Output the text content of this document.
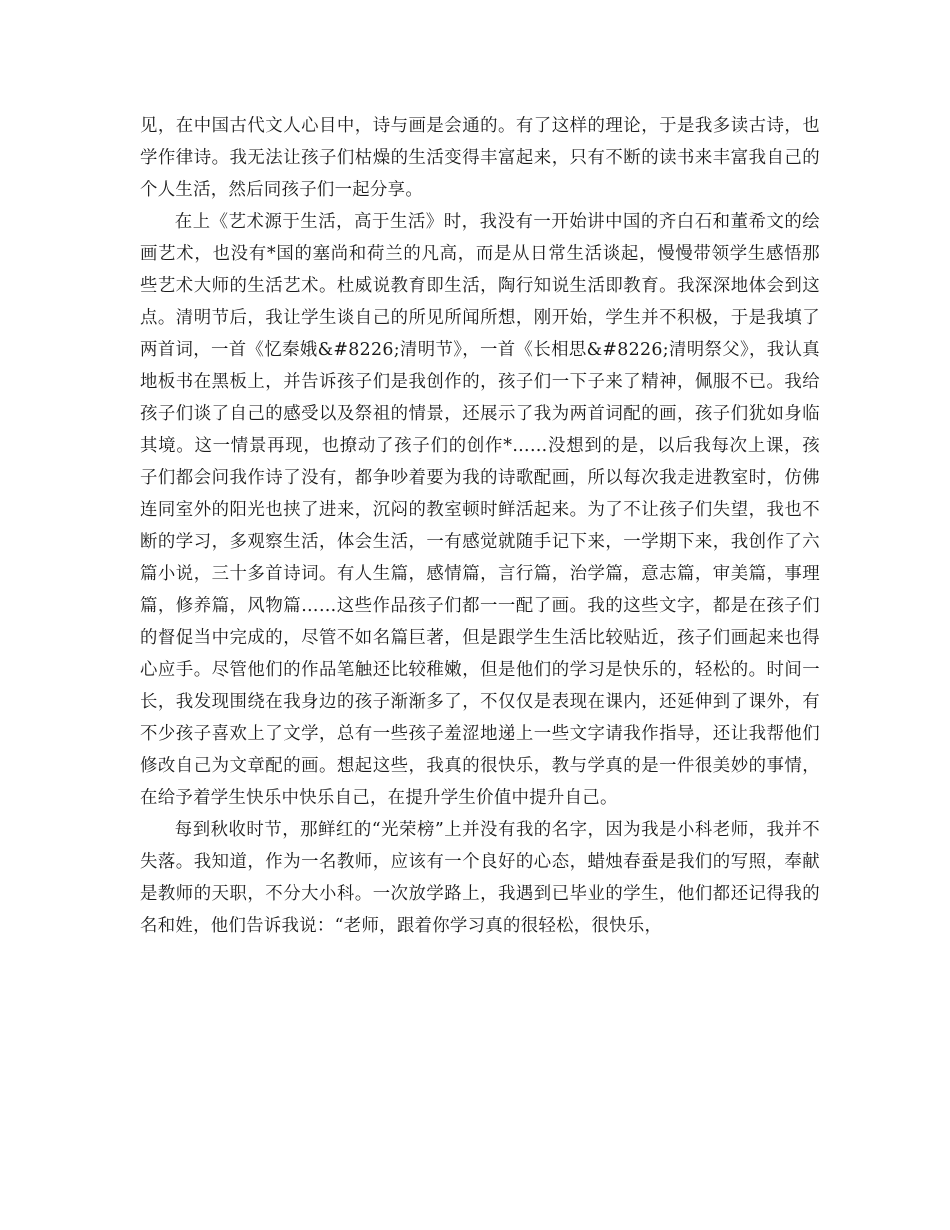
见，在中国古代文人心目中，诗与画是会通的。有了这样的理论，于是我多读古诗，也学作律诗。我无法让孩子们枯燥的生活变得丰富起来，只有不断的读书来丰富我自己的个人生活，然后同孩子们一起分享。

在上《艺术源于生活，高于生活》时，我没有一开始讲中国的齐白石和董希文的绘画艺术，也没有*国的塞尚和荷兰的凡高，而是从日常生活谈起，慢慢带领学生感悟那些艺术大师的生活艺术。杜威说教育即生活，陶行知说生活即教育。我深深地体会到这点。清明节后，我让学生谈自己的所见所闻所想，刚开始，学生并不积极，于是我填了两首词，一首《忆秦娥&#8226;清明节》，一首《长相思&#8226;清明祭父》，我认真地板书在黑板上，并告诉孩子们是我创作的，孩子们一下子来了精神，佩服不已。我给孩子们谈了自己的感受以及祭祖的情景，还展示了我为两首词配的画，孩子们犹如身临其境。这一情景再现，也撩动了孩子们的创作*……没想到的是，以后我每次上课，孩子们都会问我作诗了没有，都争吵着要为我的诗歌配画，所以每次我走进教室时，仿佛连同室外的阳光也挟了进来，沉闷的教室顿时鲜活起来。为了不让孩子们失望，我也不断的学习，多观察生活，体会生活，一有感觉就随手记下来，一学期下来，我创作了六篇小说，三十多首诗词。有人生篇，感情篇，言行篇，治学篇，意志篇，审美篇，事理篇，修养篇，风物篇……这些作品孩子们都一一配了画。我的这些文字，都是在孩子们的督促当中完成的，尽管不如名篇巨著，但是跟学生生活比较贴近，孩子们画起来也得心应手。尽管他们的作品笔触还比较稚嫩，但是他们的学习是快乐的，轻松的。时间一长，我发现围绕在我身边的孩子渐渐多了，不仅仅是表现在课内，还延伸到了课外，有不少孩子喜欢上了文学，总有一些孩子羞涩地递上一些文字请我作指导，还让我帮他们修改自己为文章配的画。想起这些，我真的很快乐，教与学真的是一件很美妙的事情，在给予着学生快乐中快乐自己，在提升学生价值中提升自己。

每到秋收时节，那鲜红的“光荣榜”上并没有我的名字，因为我是小科老师，我并不失落。我知道，作为一名教师，应该有一个良好的心态，蜡烛春蚕是我们的写照，奉献是教师的天职，不分大小科。一次放学路上，我遇到已毕业的学生，他们都还记得我的名和姓，他们告诉我说：“老师，跟着你学习真的很轻松，很快乐，
